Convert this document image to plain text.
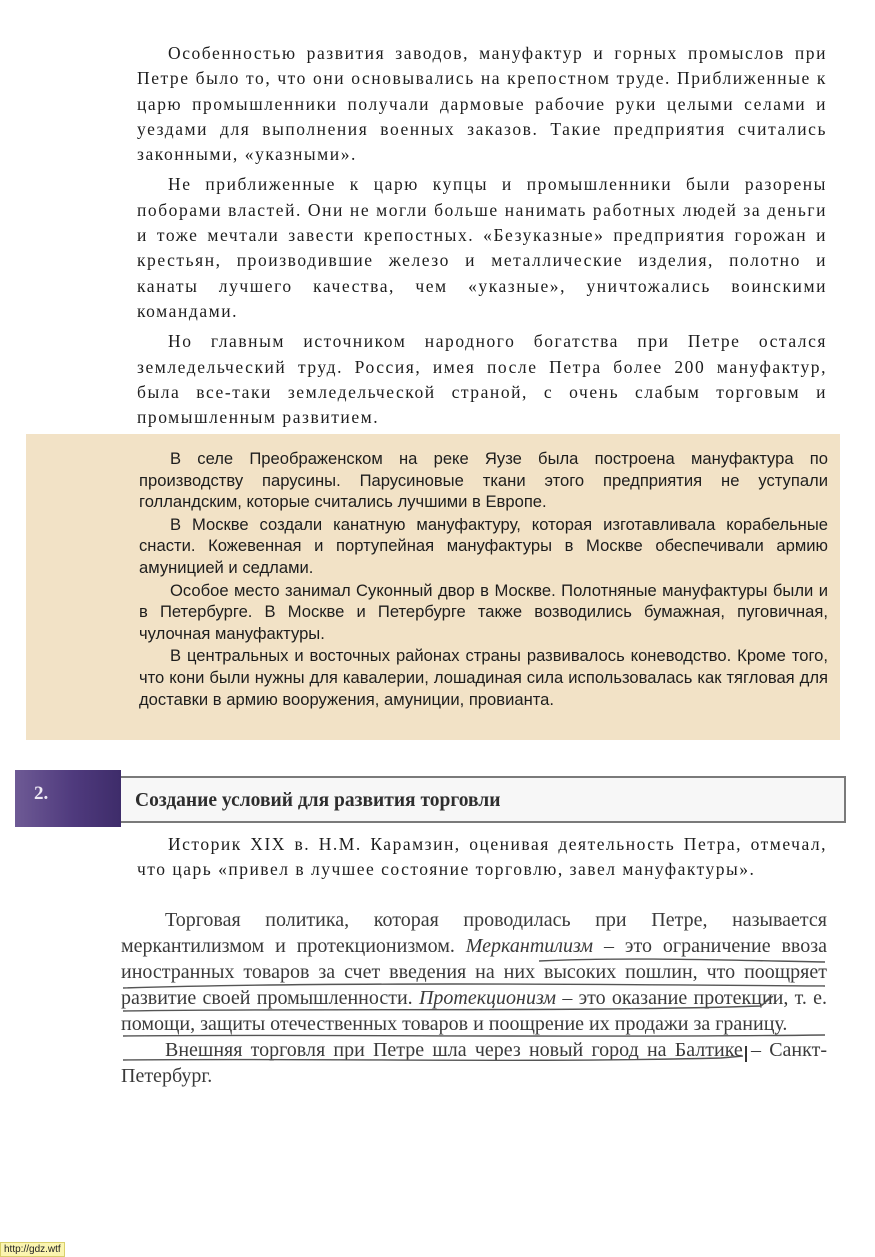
Особенностью развития заводов, мануфактур и горных промыслов при Петре было то, что они основывались на крепостном труде. Приближенные к царю промышленники получали дармовые рабочие руки целыми селами и уездами для выполнения военных заказов. Такие предприятия считались законными, «указными».

Не приближенные к царю купцы и промышленники были разорены поборами властей. Они не могли больше нанимать работных людей за деньги и тоже мечтали завести крепостных. «Безуказные» предприятия горожан и крестьян, производившие железо и металлические изделия, полотно и канаты лучшего качества, чем «указные», уничтожались воинскими командами.

Но главным источником народного богатства при Петре остался земледельческий труд. Россия, имея после Петра более 200 мануфактур, была все-таки земледельческой страной, с очень слабым торговым и промышленным развитием.

В селе Преображенском на реке Яузе была построена мануфактура по производству парусины. Парусиновые ткани этого предприятия не уступали голландским, которые считались лучшими в Европе.

В Москве создали канатную мануфактуру, которая изготавливала корабельные снасти. Кожевенная и портупейная мануфактуры в Москве обеспечивали армию амуницией и седлами.

Особое место занимал Суконный двор в Москве. Полотняные мануфактуры были и в Петербурге. В Москве и Петербурге также возводились бумажная, пуговичная, чулочная мануфактуры.

В центральных и восточных районах страны развивалось коневодство. Кроме того, что кони были нужны для кавалерии, лошадиная сила использовалась как тягловая для доставки в армию вооружения, амуниции, провианта.

2.	Создание условий для развития торговли

Историк XIX в. Н.М. Карамзин, оценивая деятельность Петра, отмечал, что царь «привел в лучшее состояние торговлю, завел мануфактуры».

Торговая политика, которая проводилась при Петре, называется меркантилизмом и протекционизмом. Меркантилизм – это ограничение ввоза иностранных товаров за счет введения на них высоких пошлин, что поощряет развитие своей промышленности. Протекционизм – это оказание протекции, т. е. помощи, защиты отечественных товаров и поощрение их продажи за границу.

Внешняя торговля при Петре шла через новый город на Балтике – Санкт-Петербург.

http://gdz.wtf
